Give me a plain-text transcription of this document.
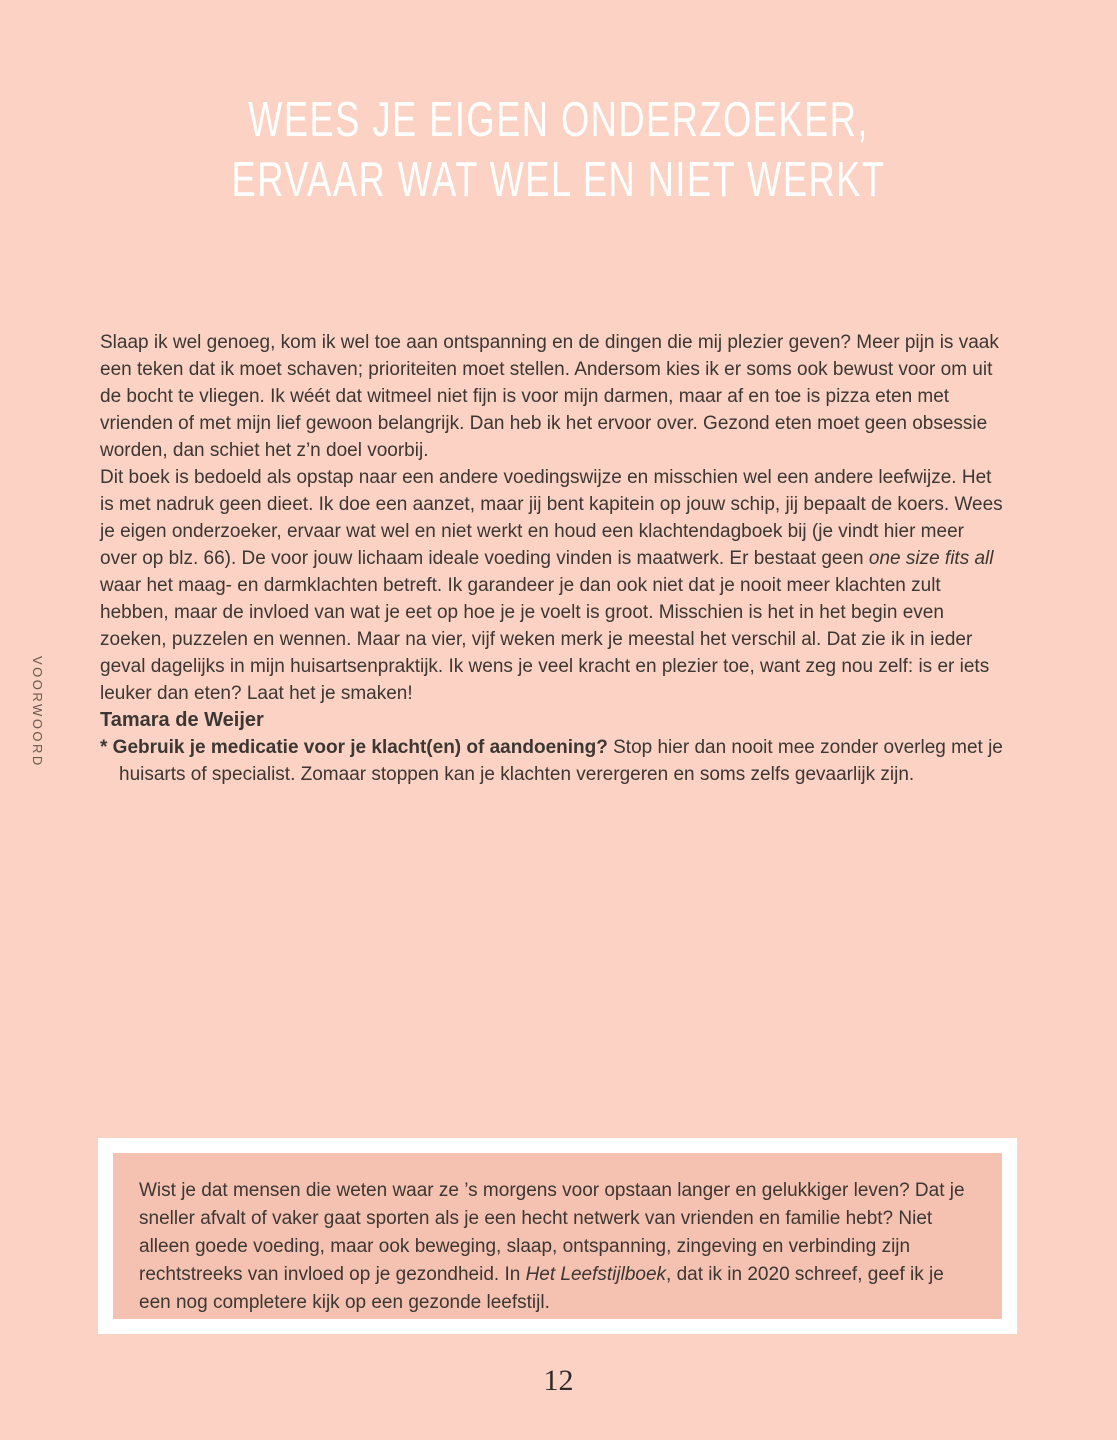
WEES JE EIGEN ONDERZOEKER,
ERVAAR WAT WEL EN NIET WERKT
VOORWOORD

Slaap ik wel genoeg, kom ik wel toe aan ontspanning en de dingen die mij plezier geven? Meer pijn is vaak een teken dat ik moet schaven; prioriteiten moet stellen. Andersom kies ik er soms ook bewust voor om uit de bocht te vliegen. Ik wéét dat witmeel niet fijn is voor mijn darmen, maar af en toe is pizza eten met vrienden of met mijn lief gewoon belangrijk. Dan heb ik het ervoor over. Gezond eten moet geen obsessie worden, dan schiet het z’n doel voorbij.

Dit boek is bedoeld als opstap naar een andere voedingswijze en misschien wel een andere leefwijze. Het is met nadruk geen dieet. Ik doe een aanzet, maar jij bent kapitein op jouw schip, jij bepaalt de koers. Wees je eigen onderzoeker, ervaar wat wel en niet werkt en houd een klachtendagboek bij (je vindt hier meer over op blz. 66). De voor jouw lichaam ideale voeding vinden is maatwerk. Er bestaat geen one size fits all waar het maag- en darmklachten betreft. Ik garandeer je dan ook niet dat je nooit meer klachten zult hebben, maar de invloed van wat je eet op hoe je je voelt is groot. Misschien is het in het begin even zoeken, puzzelen en wennen. Maar na vier, vijf weken merk je meestal het verschil al. Dat zie ik in ieder geval dagelijks in mijn huisartsenpraktijk. Ik wens je veel kracht en plezier toe, want zeg nou zelf: is er iets leuker dan eten? Laat het je smaken!

Tamara de Weijer

* Gebruik je medicatie voor je klacht(en) of aandoening? Stop hier dan nooit mee zonder overleg met je huisarts of specialist. Zomaar stoppen kan je klachten verergeren en soms zelfs gevaarlijk zijn.

Wist je dat mensen die weten waar ze ’s morgens voor opstaan langer en gelukkiger leven? Dat je sneller afvalt of vaker gaat sporten als je een hecht netwerk van vrienden en familie hebt? Niet alleen goede voeding, maar ook beweging, slaap, ontspanning, zingeving en verbinding zijn rechtstreeks van invloed op je gezondheid. In Het Leefstijlboek, dat ik in 2020 schreef, geef ik je een nog completere kijk op een gezonde leefstijl.

12
